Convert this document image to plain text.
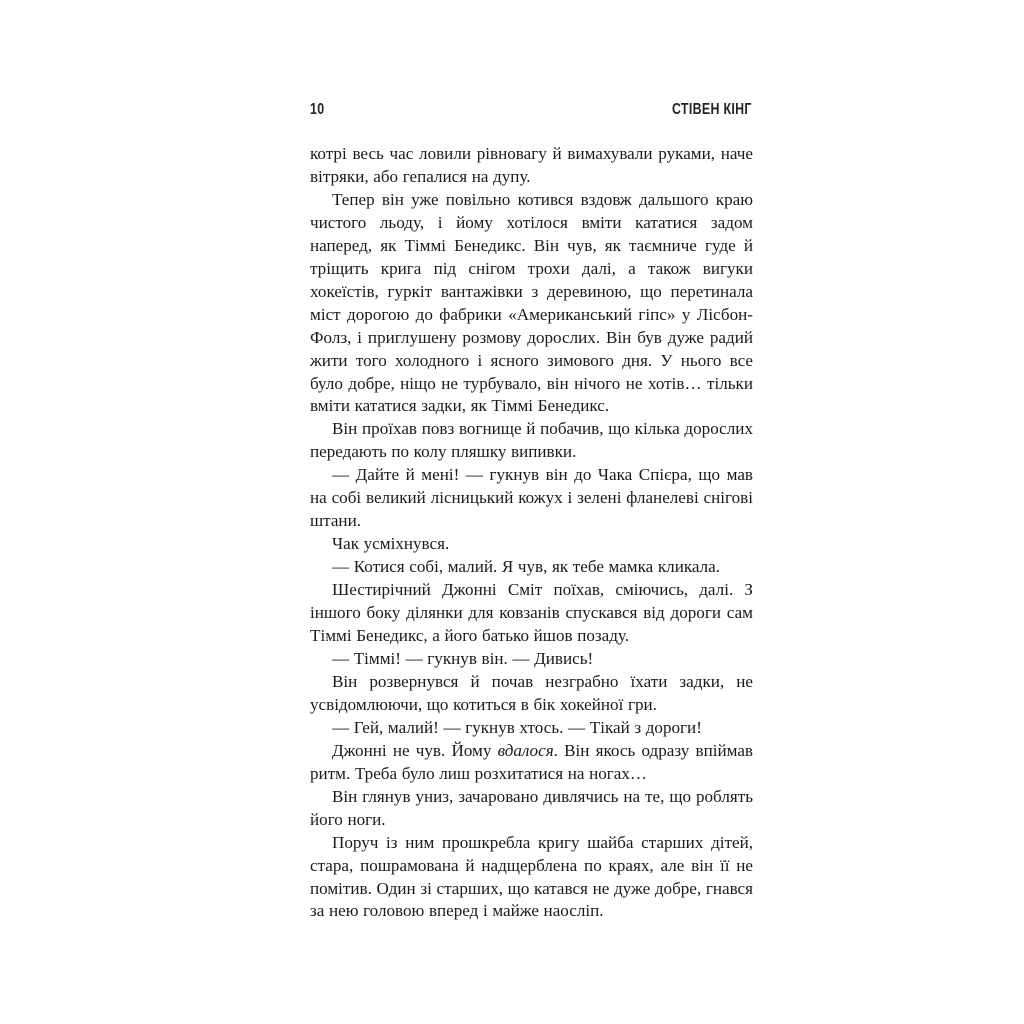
10	СТІВЕН КІНГ

котрі весь час ловили рівновагу й вимахували руками, наче вітряки, або гепалися на дупу.

Тепер він уже повільно котився вздовж дальшого краю чистого льоду, і йому хотілося вміти кататися задом наперед, як Тіммі Бенедикс. Він чув, як таємниче гуде й тріщить крига під снігом трохи далі, а також вигуки хокеїстів, гуркіт вантажівки з деревиною, що перетинала міст дорогою до фабрики «Американський гіпс» у Лісбон-Фолз, і приглушену розмову дорослих. Він був дуже радий жити того холодного і ясного зимового дня. У нього все було добре, ніщо не турбувало, він нічого не хотів… тільки вміти кататися задки, як Тіммі Бенедикс.

Він проїхав повз вогнище й побачив, що кілька дорослих передають по колу пляшку випивки.

— Дайте й мені! — гукнув він до Чака Спієра, що мав на собі великий лісницький кожух і зелені фланелеві снігові штани.

Чак усміхнувся.

— Котися собі, малий. Я чув, як тебе мамка кликала.

Шестирічний Джонні Сміт поїхав, сміючись, далі. З іншого боку ділянки для ковзанів спускався від дороги сам Тіммі Бенедикс, а його батько йшов позаду.

— Тіммі! — гукнув він. — Дивись!

Він розвернувся й почав незграбно їхати задки, не усвідомлюючи, що котиться в бік хокейної гри.

— Гей, малий! — гукнув хтось. — Тікай з дороги!

Джонні не чув. Йому вдалося. Він якось одразу впіймав ритм. Треба було лиш розхитатися на ногах…

Він глянув униз, зачаровано дивлячись на те, що роблять його ноги.

Поруч із ним прошкребла кригу шайба старших дітей, стара, пошрамована й надщерблена по краях, але він її не помітив. Один зі старших, що катався не дуже добре, гнався за нею головою вперед і майже наосліп.
